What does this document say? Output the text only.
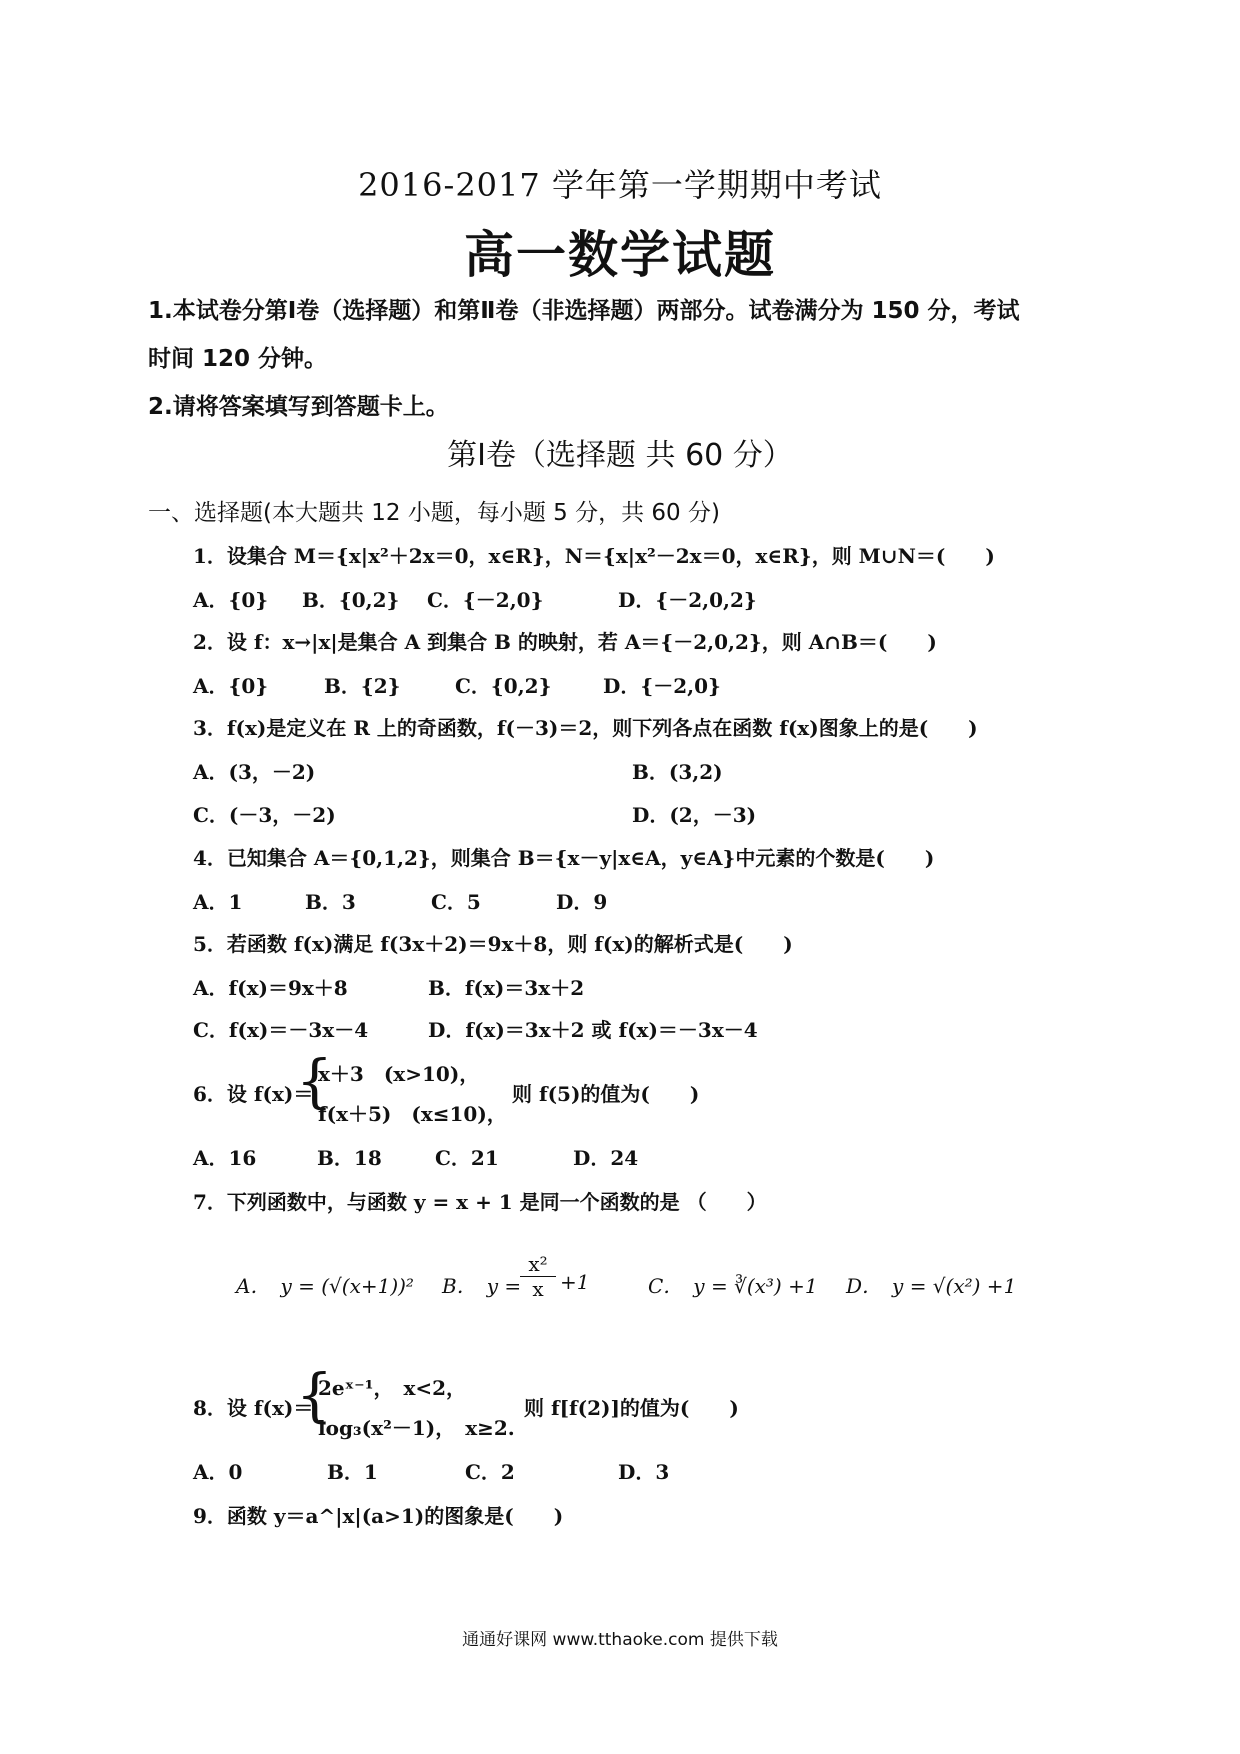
2016-2017 学年第一学期期中考试
高一数学试题
1.本试卷分第Ⅰ卷（选择题）和第Ⅱ卷（非选择题）两部分。试卷满分为 150 分，考试
时间 120 分钟。
2.请将答案填写到答题卡上。
第Ⅰ卷（选择题 共 60 分）
一、选择题(本大题共 12 小题，每小题 5 分，共 60 分)
1．设集合 M＝{x|x²＋2x＝0，x∈R}，N＝{x|x²－2x＝0，x∈R}，则 M∪N＝(　　)
A．{0} B．{0,2} C．{－2,0}	D．{－2,0,2}
2．设 f：x→|x|是集合 A 到集合 B 的映射，若 A＝{－2,0,2}，则 A∩B＝(　　)
A．{0}	B．{2}	C．{0,2}	D．{－2,0}
3．f(x)是定义在 R 上的奇函数，f(－3)＝2，则下列各点在函数 f(x)图象上的是(　　)
A．(3，－2)	B．(3,2)
C．(－3，－2)	D．(2，－3)
4．已知集合 A＝{0,1,2}，则集合 B＝{x－y|x∈A，y∈A}中元素的个数是(　　)
A．1	B．3	C．5	D．9
5．若函数 f(x)满足 f(3x＋2)＝9x＋8，则 f(x)的解析式是(　　)
A．f(x)＝9x＋8	B．f(x)＝3x＋2
C．f(x)＝－3x－4	D．f(x)＝3x＋2 或 f(x)＝－3x－4
6．设 f(x)＝
{
x＋3　(x>10)，
f(x＋5)　(x≤10)，
则 f(5)的值为(　　)
A．16	B．18	C．21	D．24
7．下列函数中，与函数 y = x + 1 是同一个函数的是 （　　）
A．　y = (√(x+1))² B．　y =
x²
x +1	C．　y = ∛(x³) +1 D．　y = √(x²) +1
8．设 f(x)＝
{
2eˣ⁻¹，　x<2，
log₃(x²－1)，　x≥2.
则 f[f(2)]的值为(　　)
A．0	B．1	C．2	D．3
9．函数 y＝a^|x|(a>1)的图象是(　　)
通通好课网 www.tthaoke.com 提供下载
